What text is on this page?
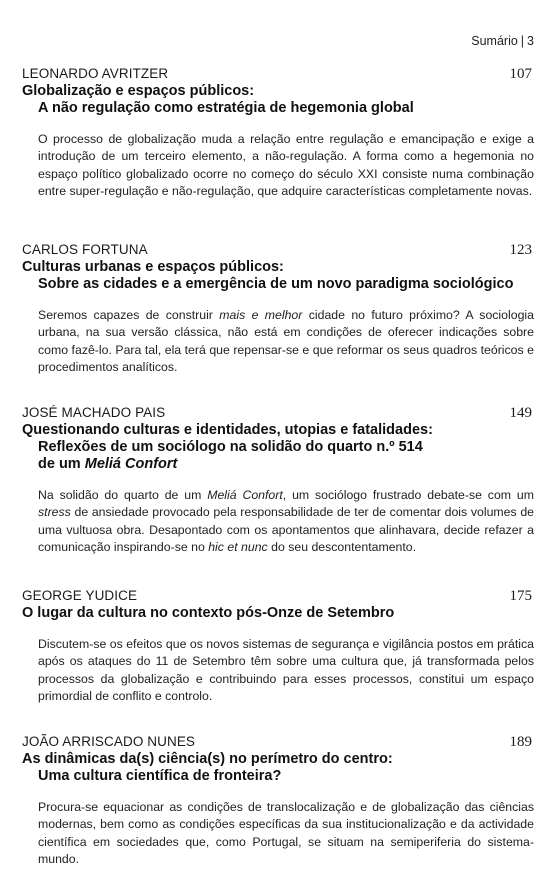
Sumário | 3
LEONARDO AVRITZER	107
Globalização e espaços públicos:
A não regulação como estratégia de hegemonia global
O processo de globalização muda a relação entre regulação e emancipação e exige a introdução de um terceiro elemento, a não-regulação. A forma como a hegemonia no espaço político globalizado ocorre no começo do século XXI consiste numa combinação entre super-regulação e não-regulação, que adquire características completamente novas.
CARLOS FORTUNA	123
Culturas urbanas e espaços públicos:
Sobre as cidades e a emergência de um novo paradigma sociológico
Seremos capazes de construir mais e melhor cidade no futuro próximo? A sociologia urbana, na sua versão clássica, não está em condições de oferecer indicações sobre como fazê-lo. Para tal, ela terá que repensar-se e que reformar os seus quadros teóricos e procedimentos analíticos.
JOSÉ MACHADO PAIS	149
Questionando culturas e identidades, utopias e fatalidades:
Reflexões de um sociólogo na solidão do quarto n.º 514
de um Meliá Confort
Na solidão do quarto de um Meliá Confort, um sociólogo frustrado debate-se com um stress de ansiedade provocado pela responsabilidade de ter de comentar dois volumes de uma vultuosa obra. Desapontado com os apontamentos que alinhavara, decide refazer a comunicação inspirando-se no hic et nunc do seu descontentamento.
GEORGE YUDICE	175
O lugar da cultura no contexto pós-Onze de Setembro
Discutem-se os efeitos que os novos sistemas de segurança e vigilância postos em prática após os ataques do 11 de Setembro têm sobre uma cultura que, já transformada pelos processos da globalização e contribuindo para esses processos, constitui um espaço primordial de conflito e controlo.
JOÃO ARRISCADO NUNES	189
As dinâmicas da(s) ciência(s) no perímetro do centro:
Uma cultura científica de fronteira?
Procura-se equacionar as condições de translocalização e de globalização das ciências modernas, bem como as condições específicas da sua institucionalização e da actividade científica em sociedades que, como Portugal, se situam na semiperiferia do sistema-mundo.
